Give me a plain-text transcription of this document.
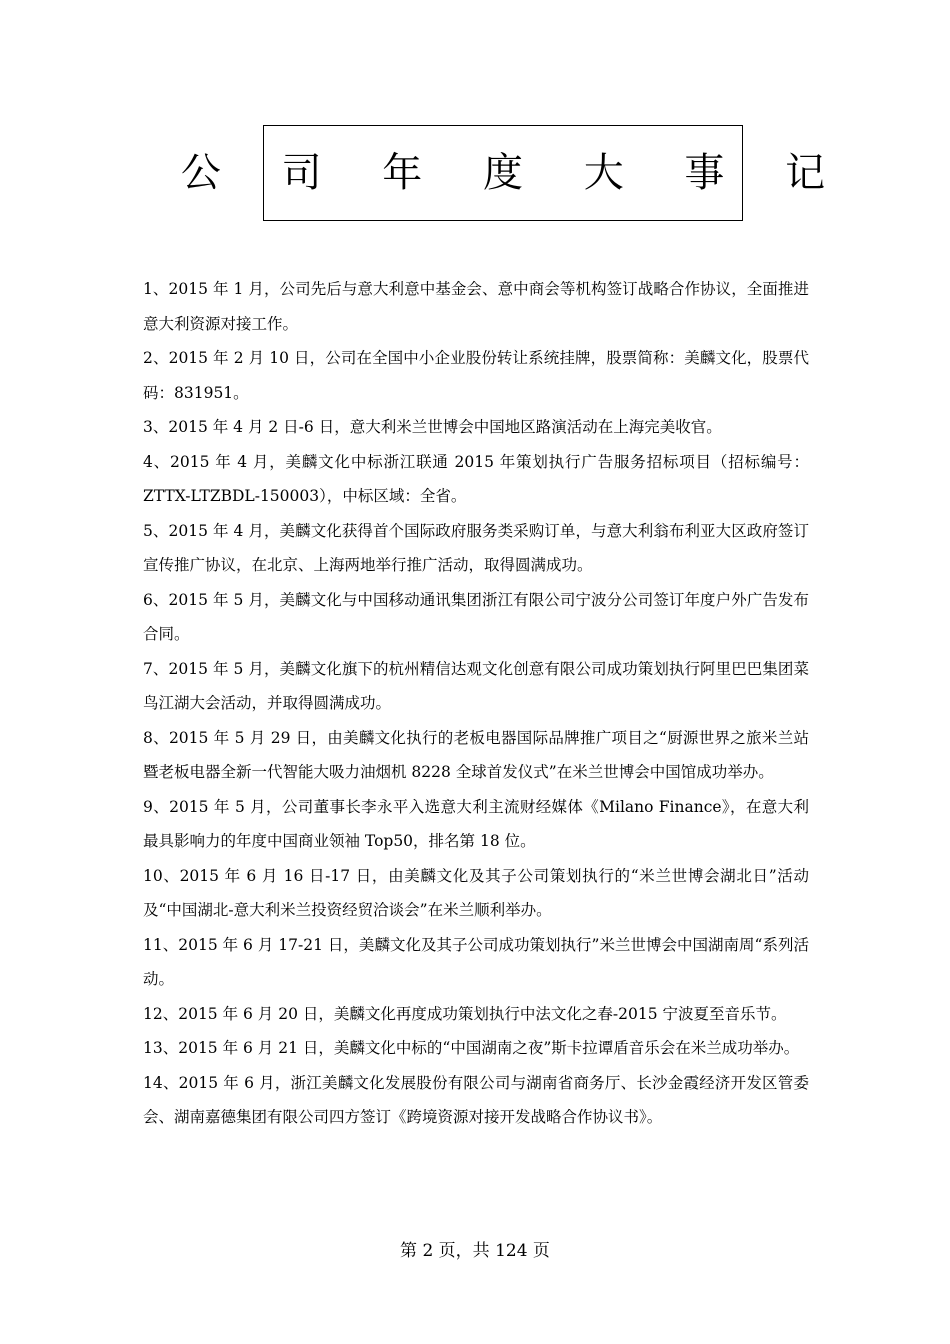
公 司 年 度 大 事 记
1、2015 年 1 月，公司先后与意大利意中基金会、意中商会等机构签订战略合作协议，全面推进意大利资源对接工作。
2、2015 年 2 月 10 日，公司在全国中小企业股份转让系统挂牌，股票简称：美麟文化，股票代码：831951。
3、2015 年 4 月 2 日-6 日，意大利米兰世博会中国地区路演活动在上海完美收官。
4、2015 年 4 月，美麟文化中标浙江联通 2015 年策划执行广告服务招标项目（招标编号：ZTTX-LTZBDL-150003），中标区域：全省。
5、2015 年 4 月，美麟文化获得首个国际政府服务类采购订单，与意大利翁布利亚大区政府签订宣传推广协议，在北京、上海两地举行推广活动，取得圆满成功。
6、2015 年 5 月，美麟文化与中国移动通讯集团浙江有限公司宁波分公司签订年度户外广告发布合同。
7、2015 年 5 月，美麟文化旗下的杭州精信达观文化创意有限公司成功策划执行阿里巴巴集团菜鸟江湖大会活动，并取得圆满成功。
8、2015 年 5 月 29 日，由美麟文化执行的老板电器国际品牌推广项目之“厨源世界之旅米兰站暨老板电器全新一代智能大吸力油烟机 8228 全球首发仪式”在米兰世博会中国馆成功举办。
9、2015 年 5 月，公司董事长李永平入选意大利主流财经媒体《Milano Finance》，在意大利最具影响力的年度中国商业领袖 Top50，排名第 18 位。
10、2015 年 6 月 16 日-17 日，由美麟文化及其子公司策划执行的“米兰世博会湖北日”活动及“中国湖北-意大利米兰投资经贸洽谈会”在米兰顺利举办。
11、2015 年 6 月 17-21 日，美麟文化及其子公司成功策划执行”米兰世博会中国湖南周“系列活动。
12、2015 年 6 月 20 日，美麟文化再度成功策划执行中法文化之春-2015 宁波夏至音乐节。
13、2015 年 6 月 21 日，美麟文化中标的“中国湖南之夜”斯卡拉谭盾音乐会在米兰成功举办。
14、2015 年 6 月，浙江美麟文化发展股份有限公司与湖南省商务厅、长沙金霞经济开发区管委会、湖南嘉德集团有限公司四方签订《跨境资源对接开发战略合作协议书》。
第 2 页，共 124 页
